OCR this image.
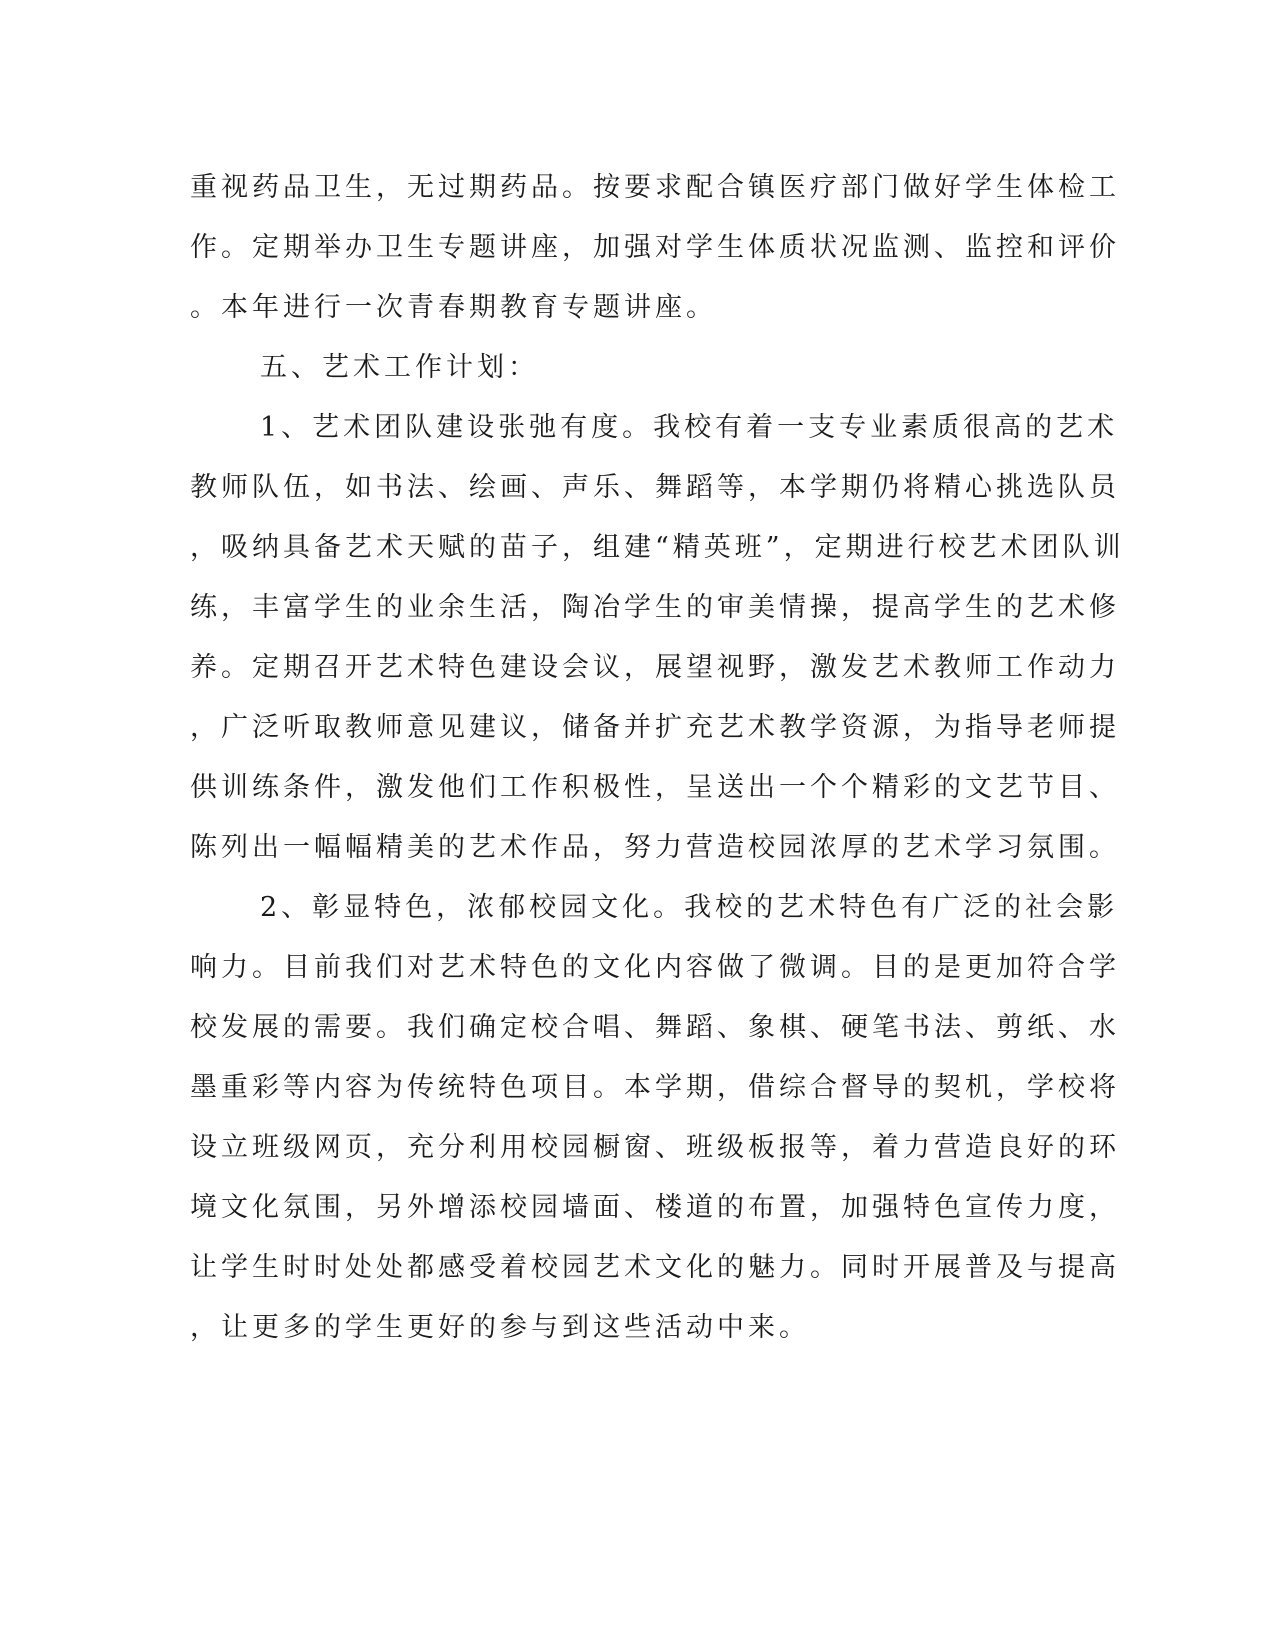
重视药品卫生，无过期药品。按要求配合镇医疗部门做好学生体检工
作。定期举办卫生专题讲座，加强对学生体质状况监测、监控和评价
。本年进行一次青春期教育专题讲座。
五、艺术工作计划：
1、艺术团队建设张弛有度。我校有着一支专业素质很高的艺术
教师队伍，如书法、绘画、声乐、舞蹈等，本学期仍将精心挑选队员
，吸纳具备艺术天赋的苗子，组建“精英班”，定期进行校艺术团队训
练，丰富学生的业余生活，陶冶学生的审美情操，提高学生的艺术修
养。定期召开艺术特色建设会议，展望视野，激发艺术教师工作动力
，广泛听取教师意见建议，储备并扩充艺术教学资源，为指导老师提
供训练条件，激发他们工作积极性，呈送出一个个精彩的文艺节目、
陈列出一幅幅精美的艺术作品，努力营造校园浓厚的艺术学习氛围。
2、彰显特色，浓郁校园文化。我校的艺术特色有广泛的社会影
响力。目前我们对艺术特色的文化内容做了微调。目的是更加符合学
校发展的需要。我们确定校合唱、舞蹈、象棋、硬笔书法、剪纸、水
墨重彩等内容为传统特色项目。本学期，借综合督导的契机，学校将
设立班级网页，充分利用校园橱窗、班级板报等，着力营造良好的环
境文化氛围，另外增添校园墙面、楼道的布置，加强特色宣传力度，
让学生时时处处都感受着校园艺术文化的魅力。同时开展普及与提高
，让更多的学生更好的参与到这些活动中来。
